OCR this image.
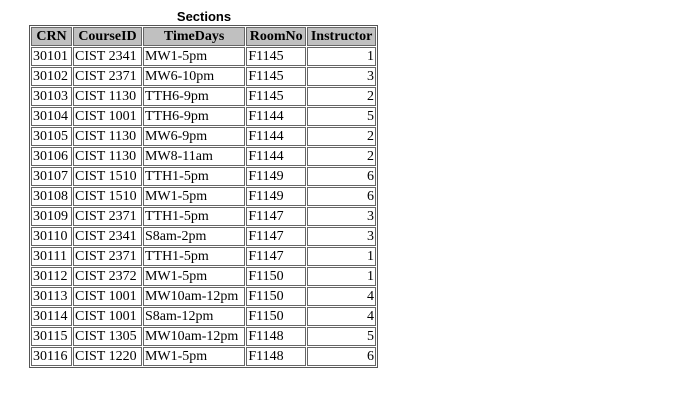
Sections
CRN	CourseID	TimeDays	RoomNo	Instructor
30101	CIST 2341	MW1-5pm	F1145	1
30102	CIST 2371	MW6-10pm	F1145	3
30103	CIST 1130	TTH6-9pm	F1145	2
30104	CIST 1001	TTH6-9pm	F1144	5
30105	CIST 1130	MW6-9pm	F1144	2
30106	CIST 1130	MW8-11am	F1144	2
30107	CIST 1510	TTH1-5pm	F1149	6
30108	CIST 1510	MW1-5pm	F1149	6
30109	CIST 2371	TTH1-5pm	F1147	3
30110	CIST 2341	S8am-2pm	F1147	3
30111	CIST 2371	TTH1-5pm	F1147	1
30112	CIST 2372	MW1-5pm	F1150	1
30113	CIST 1001	MW10am-12pm	F1150	4
30114	CIST 1001	S8am-12pm	F1150	4
30115	CIST 1305	MW10am-12pm	F1148	5
30116	CIST 1220	MW1-5pm	F1148	6
